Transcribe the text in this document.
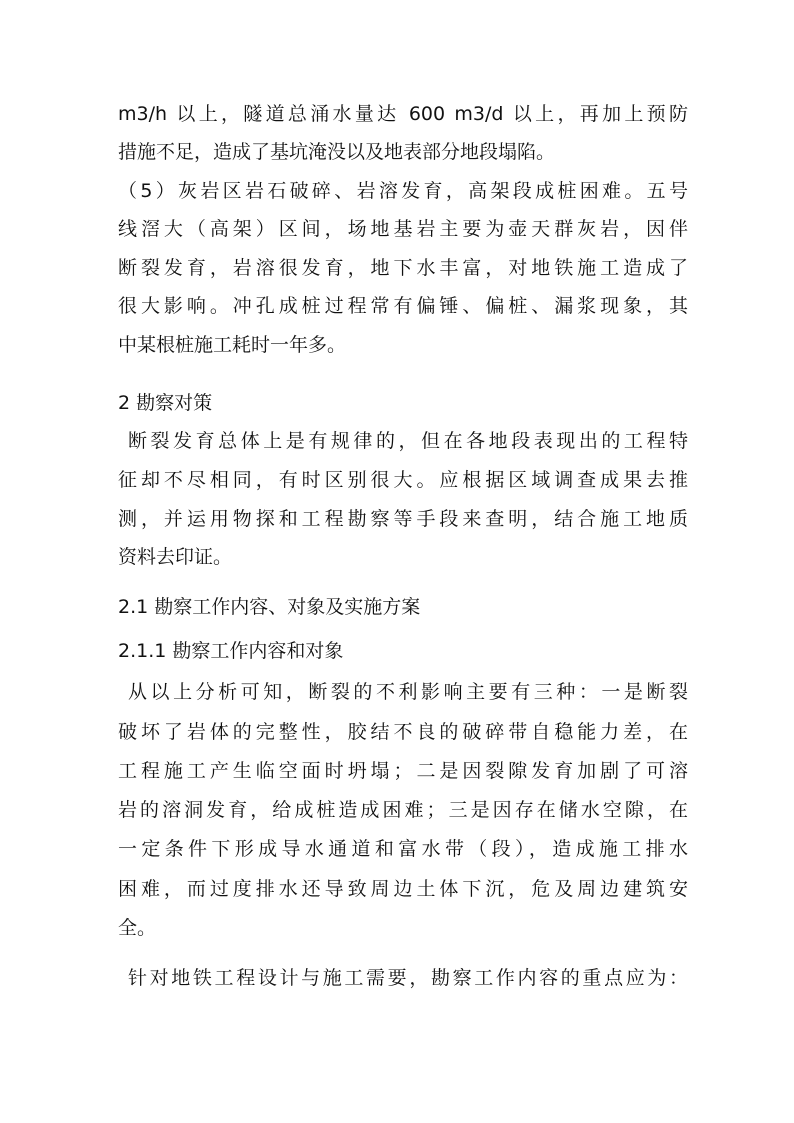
m3/h 以上，隧道总涌水量达 600 m3/d 以上，再加上预防
措施不足，造成了基坑淹没以及地表部分地段塌陷。
（5）灰岩区岩石破碎、岩溶发育，高架段成桩困难。五号
线滘大（高架）区间，场地基岩主要为壶天群灰岩，因伴
断裂发育，岩溶很发育，地下水丰富，对地铁施工造成了
很大影响。冲孔成桩过程常有偏锤、偏桩、漏浆现象，其
中某根桩施工耗时一年多。
2 勘察对策
断裂发育总体上是有规律的，但在各地段表现出的工程特
征却不尽相同，有时区别很大。应根据区域调查成果去推
测，并运用物探和工程勘察等手段来查明，结合施工地质
资料去印证。
2.1 勘察工作内容、对象及实施方案
2.1.1 勘察工作内容和对象
从以上分析可知，断裂的不利影响主要有三种：一是断裂
破坏了岩体的完整性，胶结不良的破碎带自稳能力差，在
工程施工产生临空面时坍塌；二是因裂隙发育加剧了可溶
岩的溶洞发育，给成桩造成困难；三是因存在储水空隙，在
一定条件下形成导水通道和富水带（段），造成施工排水
困难，而过度排水还导致周边土体下沉，危及周边建筑安
全。
针对地铁工程设计与施工需要，勘察工作内容的重点应为：
